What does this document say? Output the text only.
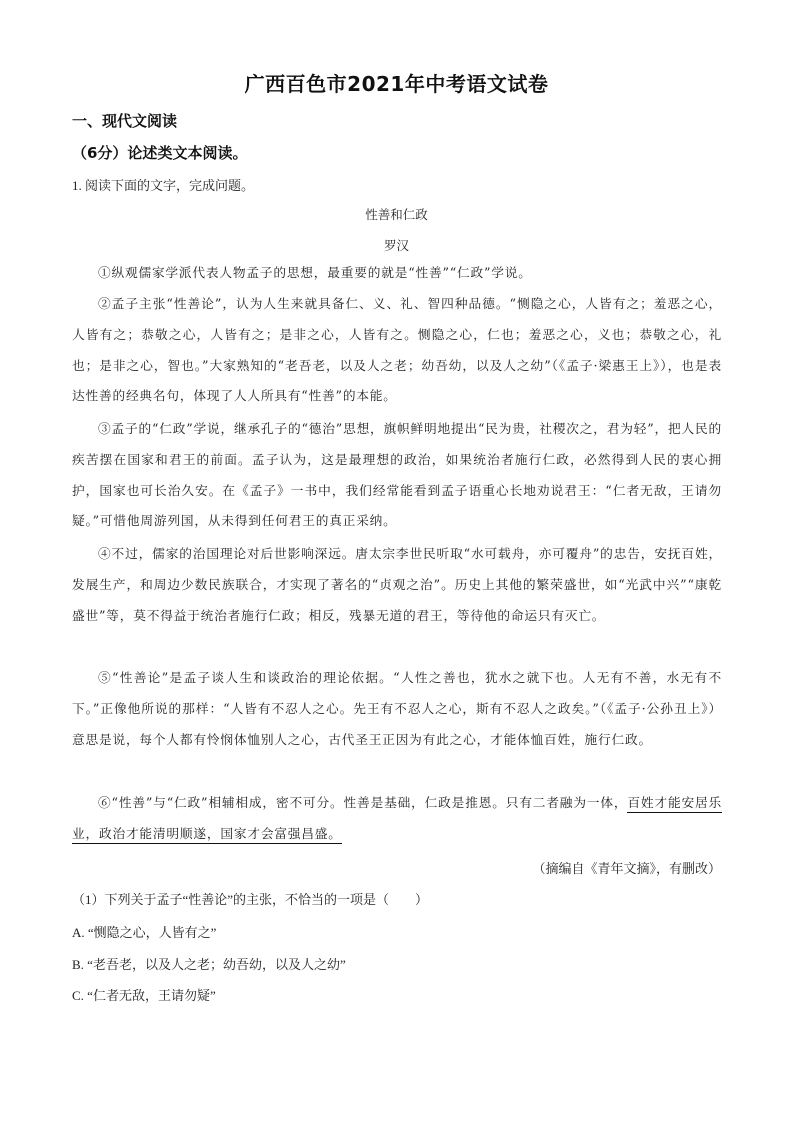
广西百色市2021年中考语文试卷
一、现代文阅读
（6分）论述类文本阅读。
1. 阅读下面的文字，完成问题。
性善和仁政
罗汉
①纵观儒家学派代表人物孟子的思想，最重要的就是“性善”“仁政”学说。
②孟子主张“性善论”，认为人生来就具备仁、义、礼、智四种品德。“恻隐之心，人皆有之；羞恶之心，人皆有之；恭敬之心，人皆有之；是非之心，人皆有之。恻隐之心，仁也；羞恶之心，义也；恭敬之心，礼也；是非之心，智也。”大家熟知的“老吾老，以及人之老；幼吾幼，以及人之幼”（《孟子·梁惠王上》），也是表达性善的经典名句，体现了人人所具有“性善”的本能。
③孟子的“仁政”学说，继承孔子的“德治”思想，旗帜鲜明地提出“民为贵，社稷次之，君为轻”，把人民的疾苦摆在国家和君王的前面。孟子认为，这是最理想的政治，如果统治者施行仁政，必然得到人民的衷心拥护，国家也可长治久安。在《孟子》一书中，我们经常能看到孟子语重心长地劝说君王：“仁者无敌，王请勿疑。”可惜他周游列国，从未得到任何君王的真正采纳。
④不过，儒家的治国理论对后世影响深远。唐太宗李世民听取“水可载舟，亦可覆舟”的忠告，安抚百姓，发展生产，和周边少数民族联合，才实现了著名的“贞观之治”。历史上其他的繁荣盛世，如“光武中兴”“康乾盛世”等，莫不得益于统治者施行仁政；相反，残暴无道的君王，等待他的命运只有灭亡。
⑤“性善论”是孟子谈人生和谈政治的理论依据。“人性之善也，犹水之就下也。人无有不善，水无有不下。”正像他所说的那样：“人皆有不忍人之心。先王有不忍人之心，斯有不忍人之政矣。”（《孟子·公孙丑上》）意思是说，每个人都有怜悯体恤别人之心，古代圣王正因为有此之心，才能体恤百姓，施行仁政。
⑥“性善”与“仁政”相辅相成，密不可分。性善是基础，仁政是推恩。只有二者融为一体，百姓才能安居乐业，政治才能清明顺遂，国家才会富强昌盛。
（摘编自《青年文摘》，有删改）
（1）下列关于孟子“性善论”的主张，不恰当的一项是（　　）
A. “恻隐之心，人皆有之”
B. “老吾老，以及人之老；幼吾幼，以及人之幼”
C. “仁者无敌，王请勿疑”
